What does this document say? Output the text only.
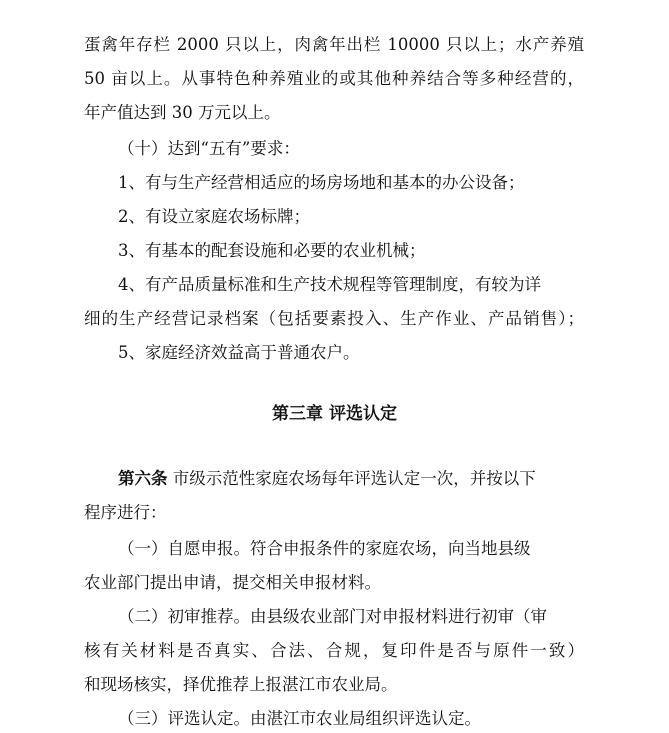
蛋禽年存栏 2000 只以上，肉禽年出栏 10000 只以上；水产养殖
50 亩以上。从事特色种养殖业的或其他种养结合等多种经营的，
年产值达到 30 万元以上。
（十）达到“五有”要求：
1、有与生产经营相适应的场房场地和基本的办公设备；
2、有设立家庭农场标牌；
3、有基本的配套设施和必要的农业机械；
4、有产品质量标准和生产技术规程等管理制度，有较为详
细的生产经营记录档案（包括要素投入、生产作业、产品销售）；
5、家庭经济效益高于普通农户。
第三章 评选认定
第六条 市级示范性家庭农场每年评选认定一次，并按以下
程序进行：
（一）自愿申报。符合申报条件的家庭农场，向当地县级
农业部门提出申请，提交相关申报材料。
（二）初审推荐。由县级农业部门对申报材料进行初审（审
核有关材料是否真实、合法、合规，复印件是否与原件一致）
和现场核实，择优推荐上报湛江市农业局。
（三）评选认定。由湛江市农业局组织评选认定。
